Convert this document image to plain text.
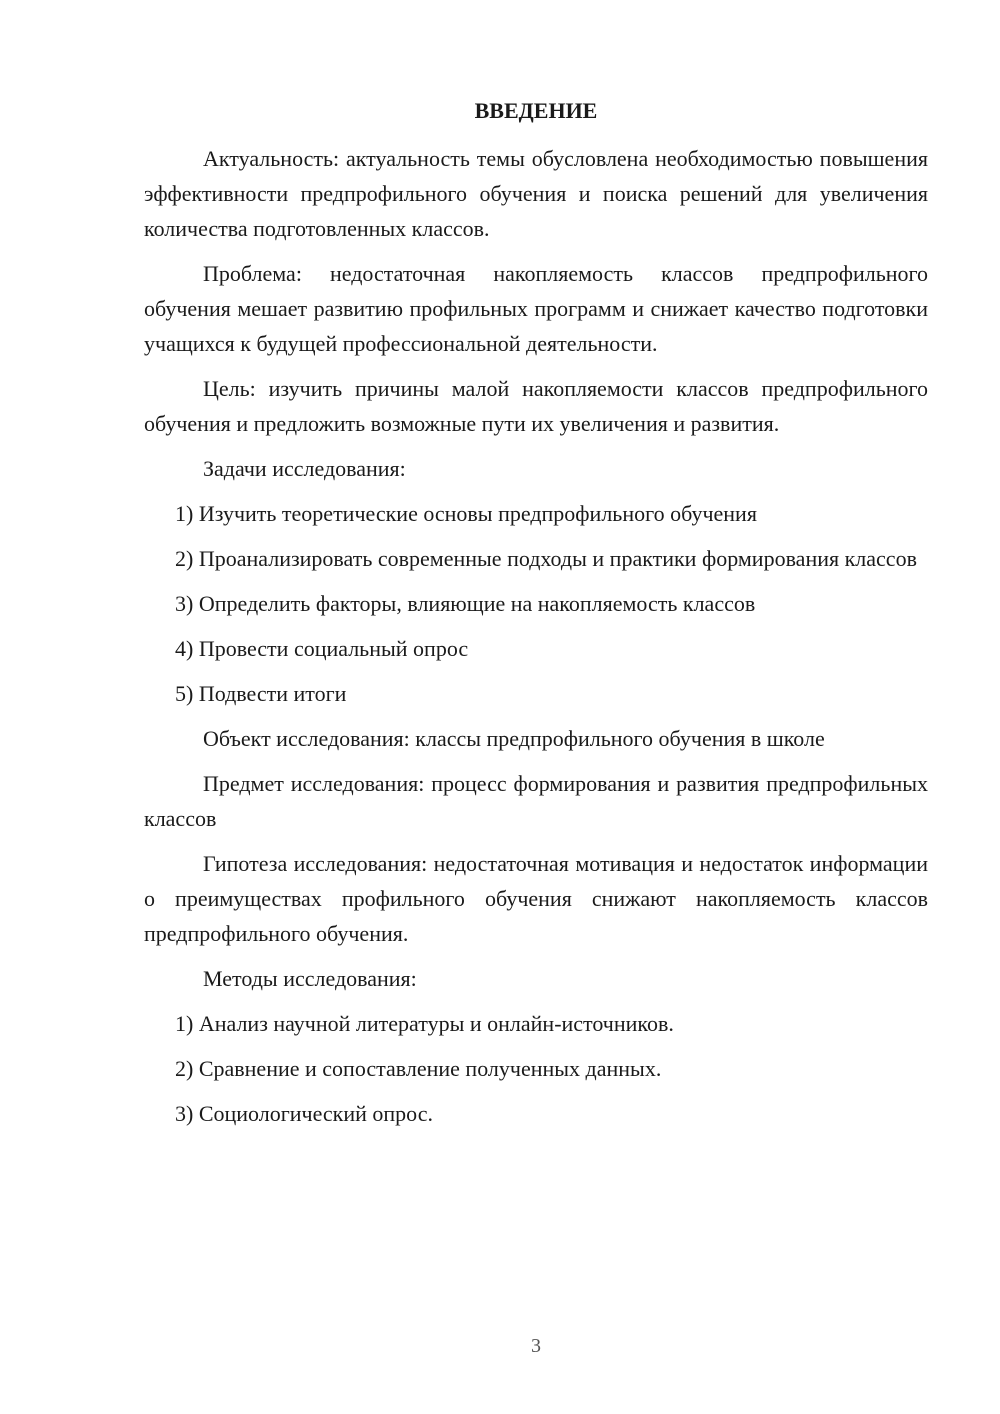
ВВЕДЕНИЕ

Актуальность: актуальность темы обусловлена необходимостью повышения эффективности предпрофильного обучения и поиска решений для увеличения количества подготовленных классов.

Проблема: недостаточная накопляемость классов предпрофильного обучения мешает развитию профильных программ и снижает качество подготовки учащихся к будущей профессиональной деятельности.

Цель: изучить причины малой накопляемости классов предпрофильного обучения и предложить возможные пути их увеличения и развития.

Задачи исследования:

1) Изучить теоретические основы предпрофильного обучения

2) Проанализировать современные подходы и практики формирования классов

3) Определить факторы, влияющие на накопляемость классов

4) Провести социальный опрос

5) Подвести итоги

Объект исследования: классы предпрофильного обучения в школе

Предмет исследования: процесс формирования и развития предпрофильных классов

Гипотеза исследования: недостаточная мотивация и недостаток информации о преимуществах профильного обучения снижают накопляемость классов предпрофильного обучения.

Методы исследования:

1) Анализ научной литературы и онлайн-источников.

2) Сравнение и сопоставление полученных данных.

3) Социологический опрос.

3
